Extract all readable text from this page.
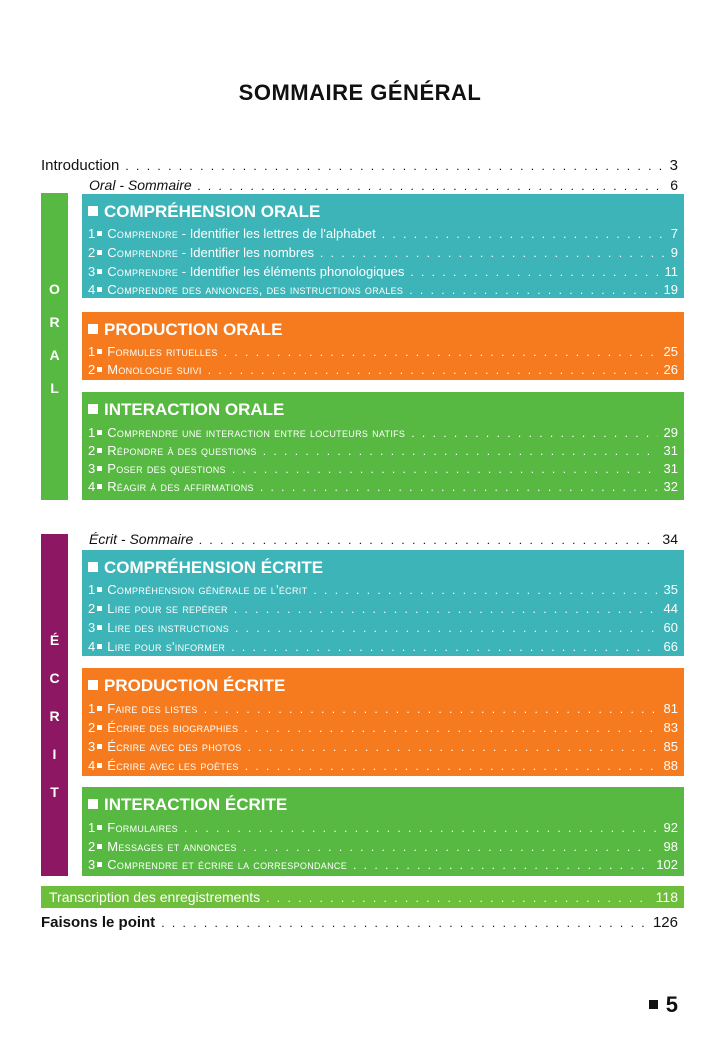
SOMMAIRE GÉNÉRAL
Introduction . . .	3
Oral - Sommaire . . .	6
O
R
A
L
COMPRÉHENSION ORALE
1 Comprendre - Identifier les lettres de l'alphabet . . .	7
2 Comprendre - Identifier les nombres . . .	9
3 Comprendre - Identifier les éléments phonologiques . . .	11
4 Comprendre des annonces, des instructions orales . . .	19
PRODUCTION ORALE
1 Formules rituelles . . .	25
2 Monologue suivi . . .	26
INTERACTION ORALE
1 Comprendre une interaction entre locuteurs natifs . . .	29
2 Répondre à des questions . . .	31
3 Poser des questions . . .	31
4 Réagir à des affirmations . . .	32
Écrit - Sommaire . . .	34
É
C
R
I
T
COMPRÉHENSION ÉCRITE
1 Compréhension générale de l'écrit . . .	35
2 Lire pour se repérer . . .	44
3 Lire des instructions . . .	60
4 Lire pour s'informer . . .	66
PRODUCTION ÉCRITE
1 Faire des listes . . .	81
2 Écrire des biographies . . .	83
3 Écrire avec des photos . . .	85
4 Écrire avec les poètes . . .	88
INTERACTION ÉCRITE
1 Formulaires . . .	92
2 Messages et annonces . . .	98
3 Comprendre et écrire la correspondance . . .	102
Transcription des enregistrements . . .	118
Faisons le point . . .	126
5
